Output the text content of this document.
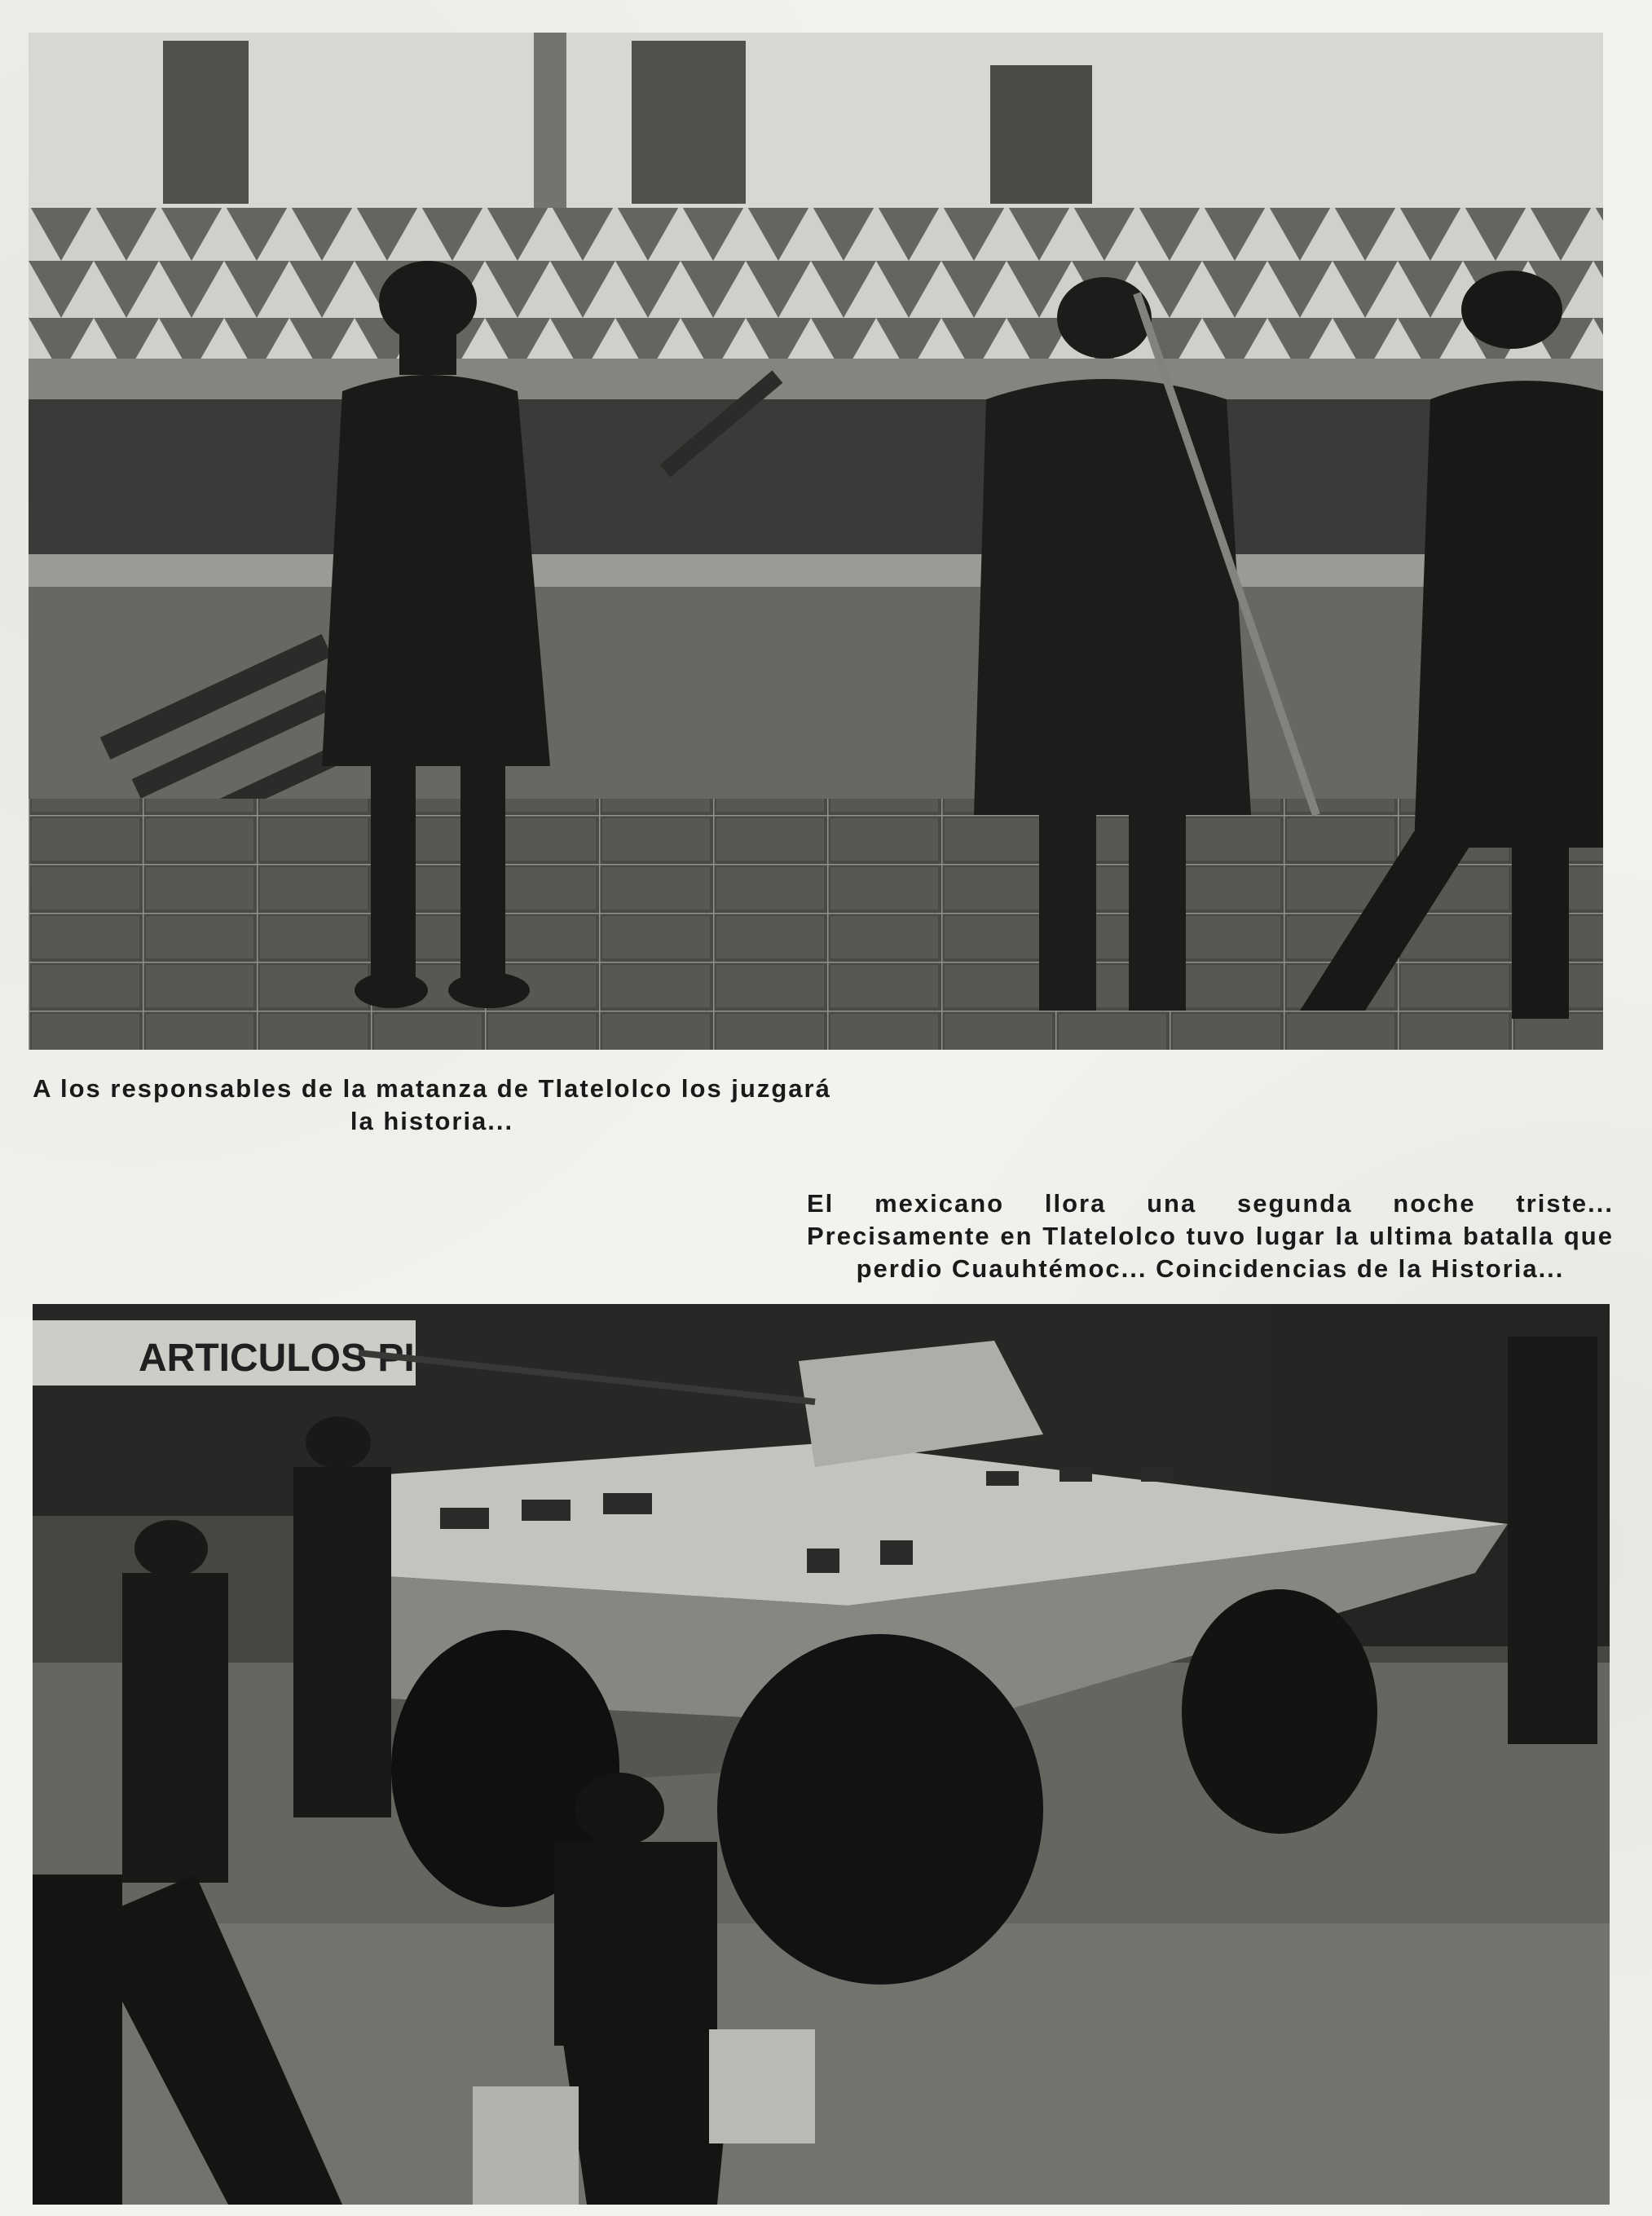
A los responsables de la matanza de Tlatelolco los juzgará la historia...
El mexicano llora una segunda noche triste... Precisamente en Tlatelolco tuvo lugar la ultima batalla que perdio Cuauhtémoc... Coincidencias de la Historia...
ARTICULOS PI
